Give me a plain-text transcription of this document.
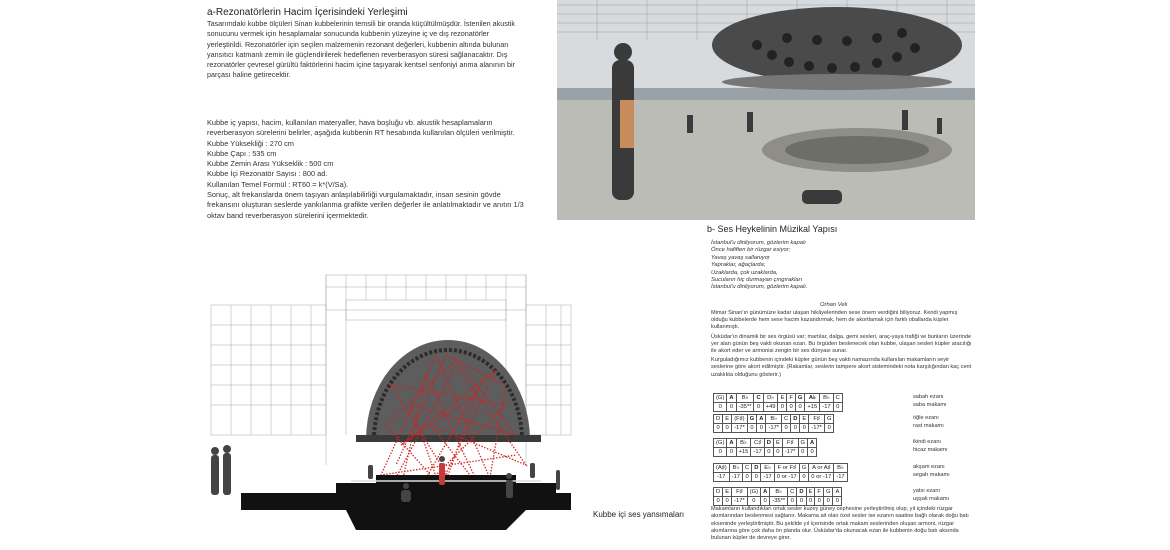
a-Rezonatörlerin Hacim İçerisindeki Yerleşimi

Tasarımdaki kubbe ölçüleri Sinan kubbelerinin temsili bir oranda küçültülmüşdür. İstenilen akustik sonucunu vermek için hesaplamalar sonucunda kubbenin yüzeyine iç ve dış rezonatörler yerleştirildi. Rezonatörler için seçilen malzemenin rezonant değerleri, kubbenin altında bulunan yansıtıcı katmanlı zemin ile güçlendirilerek hedeflenen reverberasyon süresi sağlanacaktır. Dış rezonatörler çevresel gürültü faktörlerini hacim içine taşıyarak kentsel senfoniyi anma alanının bir parçası haline getirecektir.

Kubbe iç yapısı, hacim, kullanılan materyaller, hava boşluğu vb. akustik hesaplamaların reverberasyon sürelerini belirler, aşağıda kubbenin RT hesabında kullanılan ölçüleri verilmiştir.
Kubbe Yüksekliği : 270 cm
Kubbe Çapı : 535 cm
Kubbe Zemin Arası Yükseklik : 500 cm
Kubbe İçi Rezonatör Sayısı : 800 ad.
Kullanılan Temel Formül : RT60 = k*(V/Sa).
Sonuç, alt frekanslarda önem taşıyan anlaşılabilirliği vurgulamaktadır, insan sesinin gövde frekansını oluşturan seslerde yankılanma grafikte verilen değerler ile anlatılmaktadır ve anıtın 1/3 oktav band reverberasyon sürelerini içermektedir.
b- Ses Heykelinin Müzikal Yapısı
İstanbul'u dinliyorum, gözlerim kapalı
Önce hafiften bir rüzgar esiyor;
Yavaş yavaş sallanıyor
Yapraklar, ağaçlarda;
Uzaklarda, çok uzaklarda,
Sucuların hiç durmayan çıngırakları
İstanbul'u dinliyorum, gözlerim kapalı.
Orhan Veli

Mimar Sinan'ın günümüze kadar ulaşan hikâyelerinden sese önem verdiğini biliyoruz. Kendi yapmış olduğu kubbelerde hem sese hacim kazandırmak, hem de akortlamak için farklı oballarda küpler kullanmıştı.

Üsküdar'ın dinamik bir ses örgüsü var; martılar, dalga, gemi sesleri, araç-yaya trafiği ve bunların üzerinde yer alan günün beş vakti okunan ezan. Bu örgüden beslenecek olan kubbe, ulaşan sesleri küpler aracılığı ile akort eder ve armonisi zengin bir ses dünyası sunar.

Kurguladığımız kubbenin içindeki küpler günün beş vakti namazında kullanılan makamların seyir seslerine göre akort edilmiştir. (Rakamlar, seslerin tampere akort sistemindeki nota karşılığından kaç cent uzaklıkta olduğunu gösterir.)

(G)	A	B♭	C	D♭	E	F	G	A♭	B♭	C
0	0	-35**	0	+49	0	0	0	+15	-17	0
sabah ezanı
saba makamı
D	E	(F♯)	G	A	B♭	C	D	E	F♯	G
0	0	-17*	0	0	-17*	0	0	0	-17*	0
öğle ezanı
rast makamı
(G)	A	B♭	C♯	D	E	F♯	G	A
0	0	+15	-17	0	0	-17*	0	0
ikindi ezanı
hicaz makamı
(A♯)	B♭	C	D	E♭	F or F♯	G	A or A♯	B♭
-17	-17	0	0	-17	0 or -17	0	0 or -17	-17
akşam ezanı
segah makamı
D	E	F♯	(G)	A	B♭	C	D	E	F	G	A
0	0	-17*	0	0	-35**	0	0	0	0	0	0
yatsı ezanı
uşşak makamı
Makamların kullandıkları ortak sesler kuzey güney cephesine yerleştirilmiş olup, yıl içindeki rüzgar akımlarından beslenmesi sağlanır. Makama ait olan özel sesler ise ezanın saatine bağlı olarak doğu batı ekseninde yerleştirilmiştir. Bu şekilde yıl içerisinde ortak makam seslerinden oluşan armoni, rüzgar akımlarına göre çok daha ön planda olur. Üsküdar'da okunacak ezan ile kubbenin doğu batı aksında bulunan küpler de devreye girer.
Kubbe içi ses yansımaları
